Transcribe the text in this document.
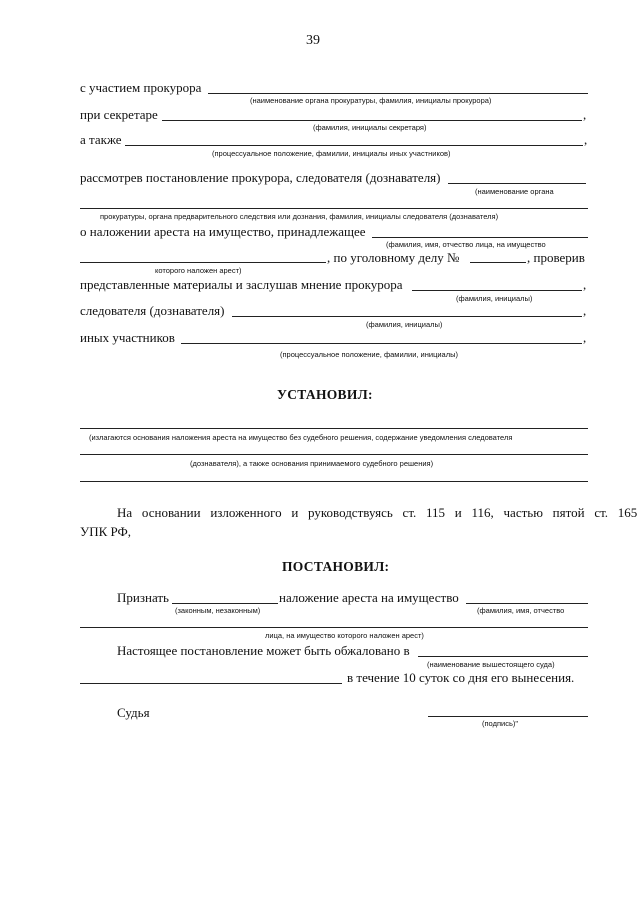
39
с участием прокурора
(наименование органа прокуратуры, фамилия, инициалы прокурора)
при секретаре	,
(фамилия, инициалы секретаря)
а также	,
(процессуальное положение, фамилии, инициалы иных участников)
рассмотрев постановление прокурора, следователя (дознавателя)
(наименование органа
прокуратуры, органа предварительного следствия или дознания, фамилия, инициалы следователя (дознавателя)
о наложении ареста на имущество, принадлежащее
(фамилия, имя, отчество лица, на имущество
, по уголовному делу №	, проверив
которого наложен арест)
представленные материалы и заслушав мнение прокурора	,
(фамилия, инициалы)
следователя (дознавателя)	,
(фамилия, инициалы)
иных участников	,
(процессуальное положение, фамилии, инициалы)
УСТАНОВИЛ:
(излагаются основания наложения ареста на имущество без судебного решения, содержание уведомления следователя
(дознавателя), а также основания принимаемого судебного решения)
На основании изложенного и руководствуясь ст. 115 и 116, частью пятой ст. 165
УПК РФ,
ПОСТАНОВИЛ:
Признать	наложение ареста на имущество
(законным, незаконным)	(фамилия, имя, отчество
лица, на имущество которого наложен арест)
Настоящее постановление может быть обжаловано в
(наименование вышестоящего суда)
в течение 10 суток со дня его вынесения.
Судья
(подпись)"
